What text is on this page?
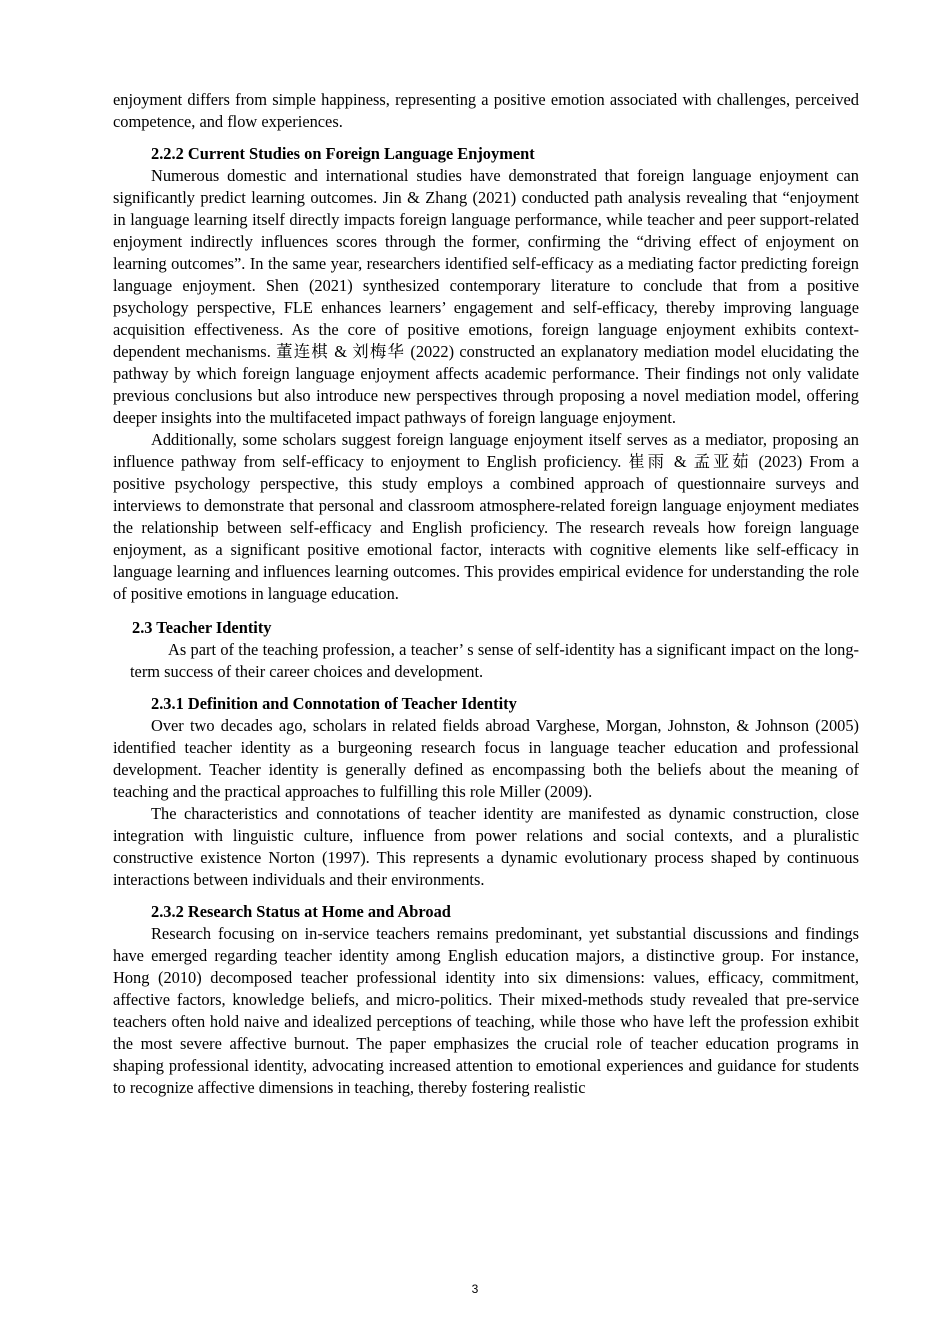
enjoyment differs from simple happiness, representing a positive emotion associated with challenges, perceived competence, and flow experiences.

2.2.2 Current Studies on Foreign Language Enjoyment

Numerous domestic and international studies have demonstrated that foreign language enjoyment can significantly predict learning outcomes. Jin & Zhang (2021) conducted path analysis revealing that “enjoyment in language learning itself directly impacts foreign language performance, while teacher and peer support-related enjoyment indirectly influences scores through the former, confirming the “driving effect of enjoyment on learning outcomes”. In the same year, researchers identified self-efficacy as a mediating factor predicting foreign language enjoyment. Shen (2021) synthesized contemporary literature to conclude that from a positive psychology perspective, FLE enhances learners’ engagement and self-efficacy, thereby improving language acquisition effectiveness. As the core of positive emotions, foreign language enjoyment exhibits context-dependent mechanisms. 董连棋 & 刘梅华 (2022) constructed an explanatory mediation model elucidating the pathway by which foreign language enjoyment affects academic performance. Their findings not only validate previous conclusions but also introduce new perspectives through proposing a novel mediation model, offering deeper insights into the multifaceted impact pathways of foreign language enjoyment.

Additionally, some scholars suggest foreign language enjoyment itself serves as a mediator, proposing an influence pathway from self-efficacy to enjoyment to English proficiency. 崔雨 & 孟亚茹 (2023) From a positive psychology perspective, this study employs a combined approach of questionnaire surveys and interviews to demonstrate that personal and classroom atmosphere-related foreign language enjoyment mediates the relationship between self-efficacy and English proficiency. The research reveals how foreign language enjoyment, as a significant positive emotional factor, interacts with cognitive elements like self-efficacy in language learning and influences learning outcomes. This provides empirical evidence for understanding the role of positive emotions in language education.

2.3 Teacher Identity

As part of the teaching profession, a teacher’ s sense of self-identity has a significant impact on the long-term success of their career choices and development.

2.3.1 Definition and Connotation of Teacher Identity

Over two decades ago, scholars in related fields abroad Varghese, Morgan, Johnston, & Johnson (2005) identified teacher identity as a burgeoning research focus in language teacher education and professional development. Teacher identity is generally defined as encompassing both the beliefs about the meaning of teaching and the practical approaches to fulfilling this role Miller (2009).

The characteristics and connotations of teacher identity are manifested as dynamic construction, close integration with linguistic culture, influence from power relations and social contexts, and a pluralistic constructive existence Norton (1997). This represents a dynamic evolutionary process shaped by continuous interactions between individuals and their environments.

2.3.2 Research Status at Home and Abroad

Research focusing on in-service teachers remains predominant, yet substantial discussions and findings have emerged regarding teacher identity among English education majors, a distinctive group. For instance, Hong (2010) decomposed teacher professional identity into six dimensions: values, efficacy, commitment, affective factors, knowledge beliefs, and micro-politics. Their mixed-methods study revealed that pre-service teachers often hold naive and idealized perceptions of teaching, while those who have left the profession exhibit the most severe affective burnout. The paper emphasizes the crucial role of teacher education programs in shaping professional identity, advocating increased attention to emotional experiences and guidance for students to recognize affective dimensions in teaching, thereby fostering realistic

3
